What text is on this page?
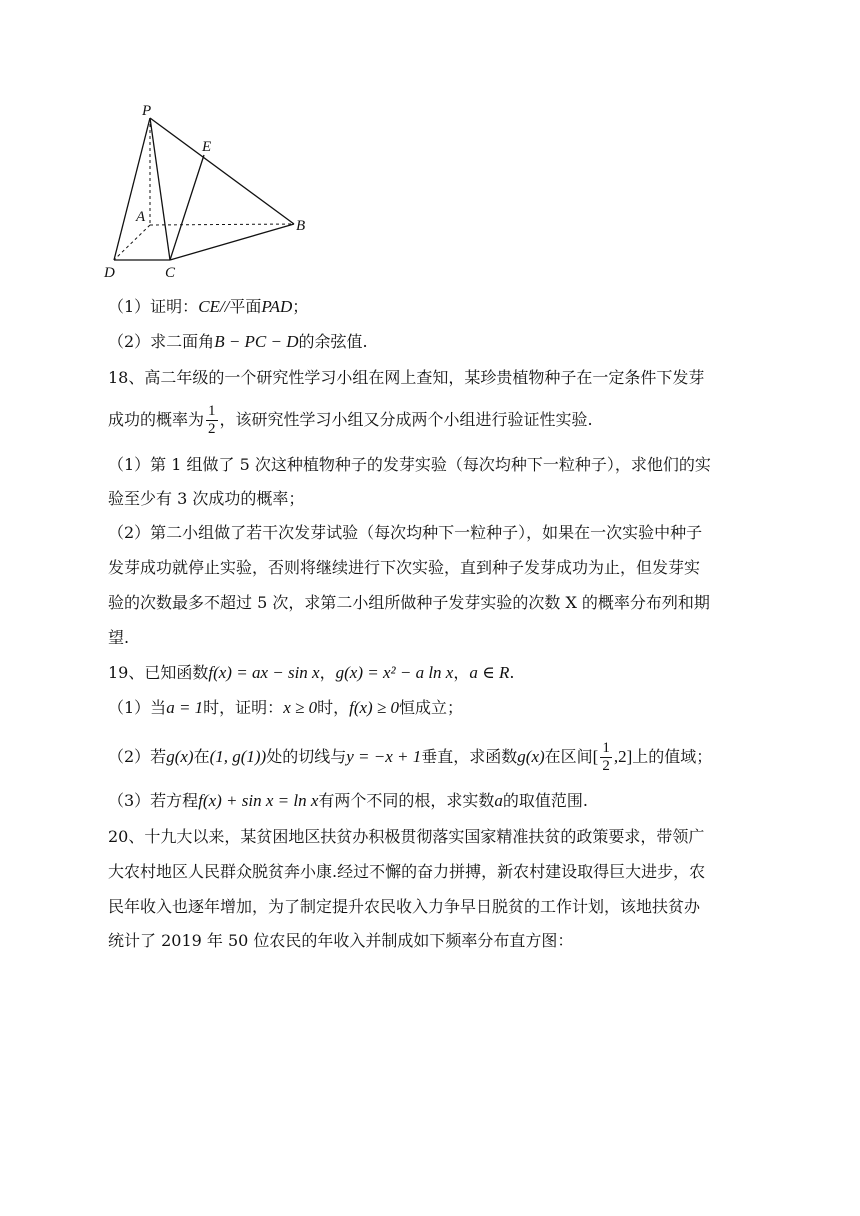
P
E
A
B
D	C
（1）证明：CE//平面PAD；
（2）求二面角B − PC − D的余弦值.
18、高二年级的一个研究性学习小组在网上查知，某珍贵植物种子在一定条件下发芽
成功的概率为 $\frac{1}{2}$ ，该研究性学习小组又分成两个小组进行验证性实验.
（1）第 1 组做了 5 次这种植物种子的发芽实验（每次均种下一粒种子），求他们的实
验至少有 3 次成功的概率；
（2）第二小组做了若干次发芽试验（每次均种下一粒种子），如果在一次实验中种子
发芽成功就停止实验，否则将继续进行下次实验，直到种子发芽成功为止，但发芽实
验的次数最多不超过 5 次，求第二小组所做种子发芽实验的次数 X 的概率分布列和期
望.
19、已知函数f(x) = ax − sin x，g(x) = x² − a ln x，a ∈ R.
（1）当a = 1时，证明：x ≥ 0时，f(x) ≥ 0恒成立；
（2）若g(x)在(1, g(1))处的切线与y = −x + 1垂直，求函数g(x)在区间[ $\frac{1}{2} ,2$]上的值域；
（3）若方程f(x) + sin x = ln x有两个不同的根，求实数a的取值范围.
20、十九大以来，某贫困地区扶贫办积极贯彻落实国家精准扶贫的政策要求，带领广
大农村地区人民群众脱贫奔小康.经过不懈的奋力拼搏，新农村建设取得巨大进步，农
民年收入也逐年增加，为了制定提升农民收入力争早日脱贫的工作计划，该地扶贫办
统计了 2019 年 50 位农民的年收入并制成如下频率分布直方图：
